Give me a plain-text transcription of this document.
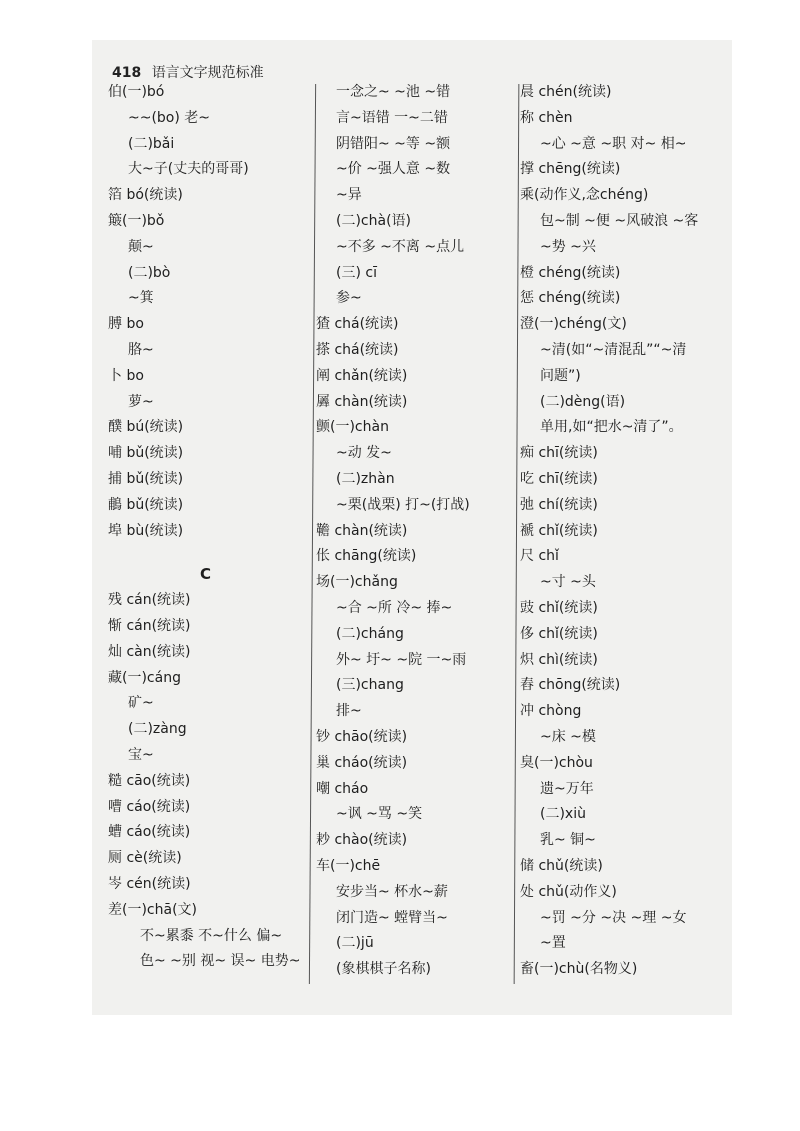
418 语言文字规范标准
伯(一)bó
~~(bo) 老~
(二)bǎi
大~子(丈夫的哥哥)
箔 bó(统读)
簸(一)bǒ
颠~
(二)bò
~箕
膊 bo
胳~
卜 bo
萝~
醭 bú(统读)
哺 bǔ(统读)
捕 bǔ(统读)
鵏 bǔ(统读)
埠 bù(统读)
C
残 cán(统读)
惭 cán(统读)
灿 càn(统读)
藏(一)cáng
矿~
(二)zàng
宝~
糙 cāo(统读)
嘈 cáo(统读)
螬 cáo(统读)
厕 cè(统读)
岑 cén(统读)
差(一)chā(文)
不~累黍 不~什么 偏~
色~ ~别 视~ 误~ 电势~
一念之~ ~池 ~错
言~语错 一~二错
阴错阳~ ~等 ~额
~价 ~强人意 ~数
~异
(二)chà(语)
~不多 ~不离 ~点儿
(三) cī
参~
猹 chá(统读)
搽 chá(统读)
阐 chǎn(统读)
羼 chàn(统读)
颤(一)chàn
~动 发~
(二)zhàn
~栗(战栗) 打~(打战)
韂 chàn(统读)
伥 chāng(统读)
场(一)chǎng
~合 ~所 冷~ 捧~
(二)cháng
外~ 圩~ ~院 一~雨
(三)chang
排~
钞 chāo(统读)
巢 cháo(统读)
嘲 cháo
~讽 ~骂 ~笑
耖 chào(统读)
车(一)chē
安步当~ 杯水~薪
闭门造~ 螳臂当~
(二)jū
(象棋棋子名称)
晨 chén(统读)
称 chèn
~心 ~意 ~职 对~ 相~
撑 chēng(统读)
乘(动作义,念chéng)
包~制 ~便 ~风破浪 ~客
~势 ~兴
橙 chéng(统读)
惩 chéng(统读)
澄(一)chéng(文)
~清(如“~清混乱”“~清
问题”)
(二)dèng(语)
单用,如“把水~清了”。
痴 chī(统读)
吃 chī(统读)
弛 chí(统读)
褫 chǐ(统读)
尺 chǐ
~寸 ~头
豉 chǐ(统读)
侈 chǐ(统读)
炽 chì(统读)
舂 chōng(统读)
冲 chòng
~床 ~模
臭(一)chòu
遗~万年
(二)xiù
乳~ 铜~
储 chǔ(统读)
处 chǔ(动作义)
~罚 ~分 ~决 ~理 ~女
~置
畜(一)chù(名物义)
